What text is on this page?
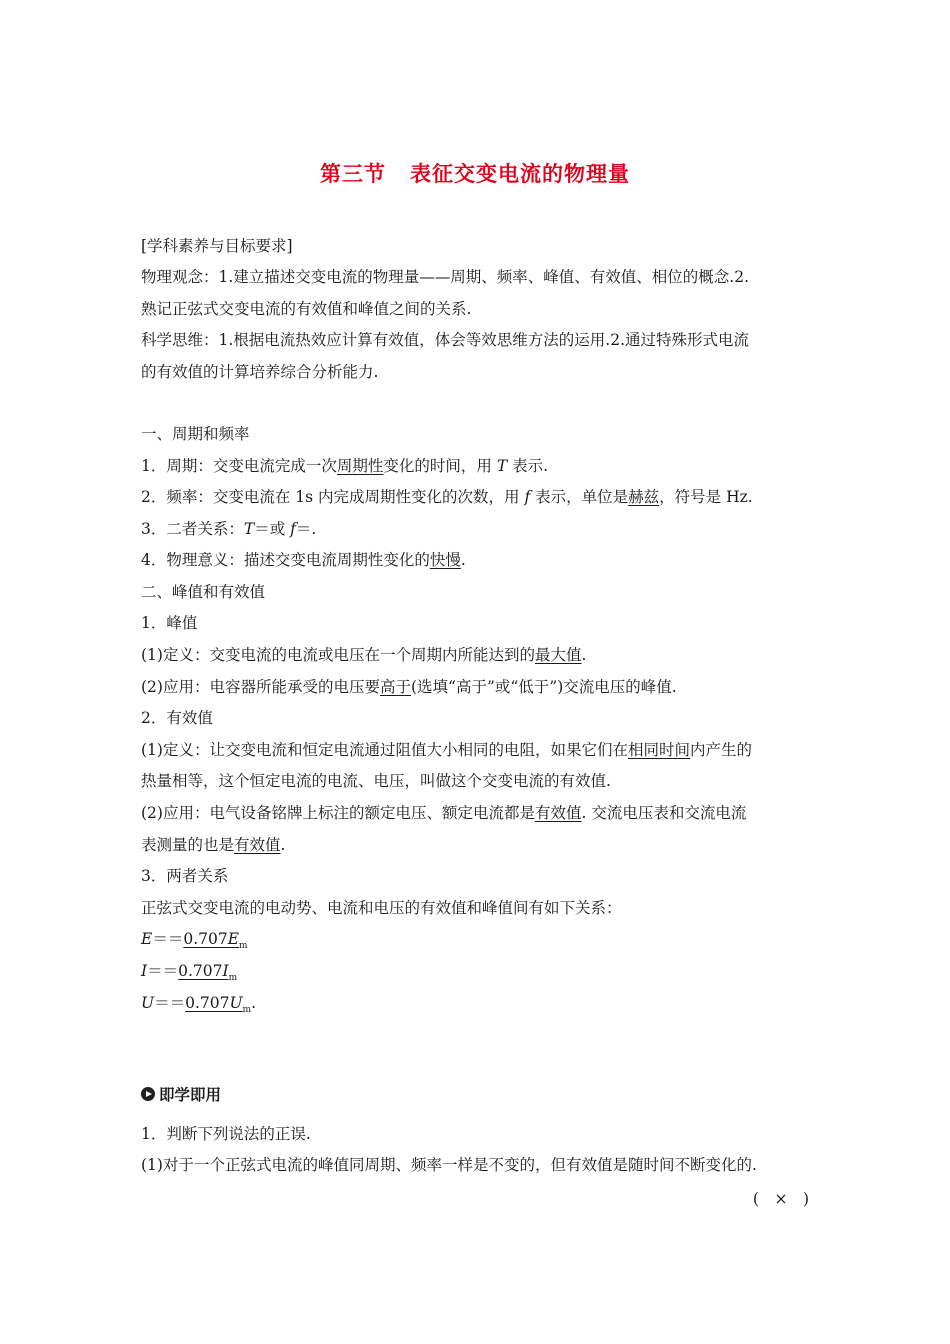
第三节 表征交变电流的物理量
[学科素养与目标要求]
物理观念：1.建立描述交变电流的物理量——周期、频率、峰值、有效值、相位的概念.2.
熟记正弦式交变电流的有效值和峰值之间的关系.
科学思维：1.根据电流热效应计算有效值，体会等效思维方法的运用.2.通过特殊形式电流
的有效值的计算培养综合分析能力.
一、周期和频率
1．周期：交变电流完成一次周期性变化的时间，用 T 表示.
2．频率：交变电流在 1s 内完成周期性变化的次数，用 f 表示，单位是赫兹，符号是 Hz.
3．二者关系：T＝或 f＝.
4．物理意义：描述交变电流周期性变化的快慢.
二、峰值和有效值
1．峰值
(1)定义：交变电流的电流或电压在一个周期内所能达到的最大值.
(2)应用：电容器所能承受的电压要高于(选填“高于”或“低于”)交流电压的峰值.
2．有效值
(1)定义：让交变电流和恒定电流通过阻值大小相同的电阻，如果它们在相同时间内产生的
热量相等，这个恒定电流的电流、电压，叫做这个交变电流的有效值.
(2)应用：电气设备铭牌上标注的额定电压、额定电流都是有效值. 交流电压表和交流电流
表测量的也是有效值.
3．两者关系
正弦式交变电流的电动势、电流和电压的有效值和峰值间有如下关系：
$E==0.707E_m$
$I==0.707I_m$
$U==0.707U_m$.
即学即用
1．判断下列说法的正误.
(1)对于一个正弦式电流的峰值同周期、频率一样是不变的，但有效值是随时间不断变化的.
(　×　)
